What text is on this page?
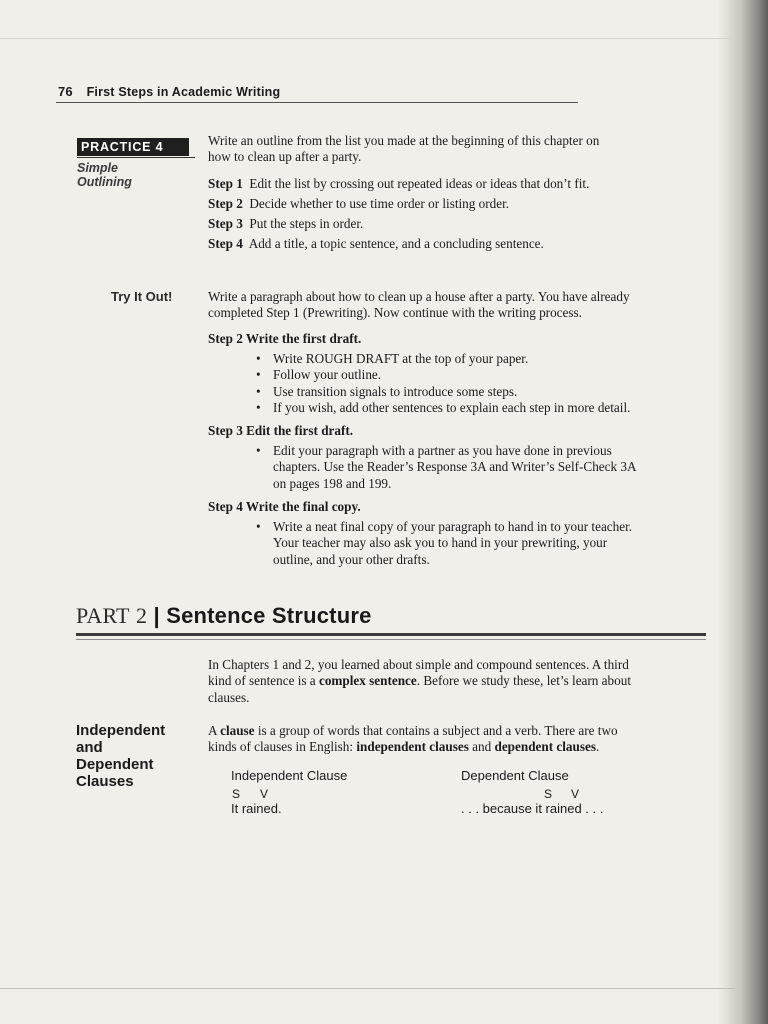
76 First Steps in Academic Writing
PRACTICE 4
Simple
Outlining
Write an outline from the list you made at the beginning of this chapter on
how to clean up after a party.
Step 1 Edit the list by crossing out repeated ideas or ideas that don’t fit.
Step 2 Decide whether to use time order or listing order.
Step 3 Put the steps in order.
Step 4 Add a title, a topic sentence, and a concluding sentence.
Try It Out!	Write a paragraph about how to clean up a house after a party. You have already
completed Step 1 (Prewriting). Now continue with the writing process.
Step 2 Write the first draft.
• Write ROUGH DRAFT at the top of your paper.
• Follow your outline.
• Use transition signals to introduce some steps.
• If you wish, add other sentences to explain each step in more detail.
Step 3 Edit the first draft.
• Edit your paragraph with a partner as you have done in previous
chapters. Use the Reader’s Response 3A and Writer’s Self-Check 3A
on pages 198 and 199.
Step 4 Write the final copy.
• Write a neat final copy of your paragraph to hand in to your teacher.
Your teacher may also ask you to hand in your prewriting, your
outline, and your other drafts.
PART 2 | Sentence Structure
In Chapters 1 and 2, you learned about simple and compound sentences. A third
kind of sentence is a complex sentence. Before we study these, let’s learn about
clauses.
Independent
and
Dependent
Clauses
A clause is a group of words that contains a subject and a verb. There are two
kinds of clauses in English: independent clauses and dependent clauses.
Independent Clause	Dependent Clause
S V	S V
It rained.	. . . because it rained . . .
